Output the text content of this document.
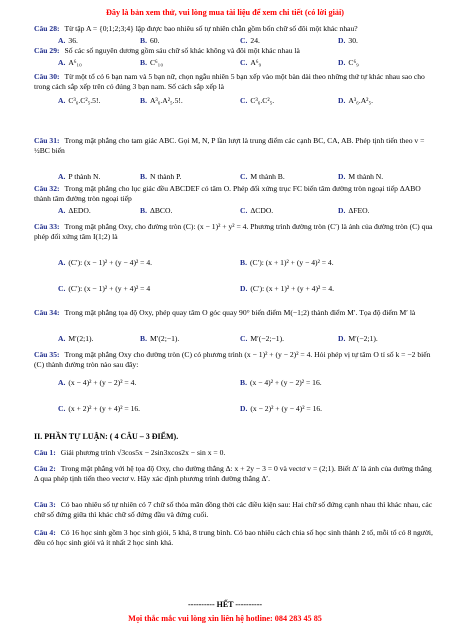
Đây là bản xem thử, vui lòng mua tài liệu để xem chi tiết (có lời giải)
Câu 28: Từ tập A = {0;1;2;3;4} lập được bao nhiêu số tự nhiên chẵn gồm bốn chữ số đôi một khác nhau?
A. 36.	B. 60.	C. 24.	D. 30.
Câu 29: Số các số nguyên dương gồm sáu chữ số khác không và đôi một khác nhau là
A. A⁶₁₀	B. C⁶₁₀	C. A⁶₉	D. C⁶₉
Câu 30: Từ một tổ có 6 bạn nam và 5 bạn nữ, chọn ngẫu nhiên 5 bạn xếp vào một bàn dài theo những thứ tự khác nhau sao cho trong cách sắp xếp trên có đúng 3 bạn nam. Số cách sắp xếp là
A. C³₆.C²₅.5!.	B. A³₆.A²₅.5!.	C. C³₆.C²₅.	D. A³₆.A²₅.
Câu 31: Trong mặt phẳng cho tam giác ABC. Gọi M, N, P lần lượt là trung điểm các cạnh BC, CA, AB. Phép tịnh tiến theo v = ½BC biến
A. P thành N.	B. N thành P.	C. M thành B.	D. M thành N.
Câu 32: Trong mặt phẳng cho lục giác đều ABCDEF có tâm O. Phép đối xứng trục FC biến tâm đường tròn ngoại tiếp ΔABO thành tâm đường tròn ngoại tiếp
A. ΔEDO.	B. ΔBCO.	C. ΔCDO.	D. ΔFEO.
Câu 33: Trong mặt phẳng Oxy, cho đường tròn (C): (x − 1)² + y² = 4. Phương trình đường tròn (C′) là ảnh của đường tròn (C) qua phép đối xứng tâm I(1;2) là
A. (C′): (x − 1)² + (y − 4)² = 4.	B. (C′): (x + 1)² + (y − 4)² = 4.
C. (C′): (x − 1)² + (y + 4)² = 4	D. (C′): (x + 1)² + (y + 4)² = 4.
Câu 34: Trong mặt phẳng tọa độ Oxy, phép quay tâm O góc quay 90° biến điểm M(−1;2) thành điểm M′. Tọa độ điểm M′ là
A. M′(2;1).	B. M′(2;−1).	C. M′(−2;−1).	D. M′(−2;1).
Câu 35: Trong mặt phẳng Oxy cho đường tròn (C) có phương trình (x − 1)² + (y − 2)² = 4. Hỏi phép vị tự tâm O tỉ số k = −2 biến (C) thành đường tròn nào sau đây:
A. (x − 4)² + (y − 2)² = 4.	B. (x − 4)² + (y − 2)² = 16.
C. (x + 2)² + (y + 4)² = 16.	D. (x − 2)² + (y − 4)² = 16.
II. PHẦN TỰ LUẬN: ( 4 CÂU – 3 ĐIỂM).
Câu 1: Giải phương trình √3cos5x − 2sin3xcos2x − sin x = 0.
Câu 2: Trong mặt phẳng với hệ tọa độ Oxy, cho đường thẳng Δ: x + 2y − 3 = 0 và vectơ v = (2;1). Biết Δ′ là ảnh của đường thẳng Δ qua phép tịnh tiến theo vectơ v. Hãy xác định phương trình đường thẳng Δ′.
Câu 3: Có bao nhiêu số tự nhiên có 7 chữ số thỏa mãn đồng thời các điều kiện sau: Hai chữ số đứng cạnh nhau thì khác nhau, các chữ số đứng giữa thì khác chữ số đứng đầu và đứng cuối.
Câu 4: Có 16 học sinh gồm 3 học sinh giỏi, 5 khá, 8 trung bình. Có bao nhiêu cách chia số học sinh thành 2 tổ, mỗi tổ có 8 người, đều có học sinh giỏi và ít nhất 2 học sinh khá.
---------- HẾT ----------
Mọi thắc mắc vui lòng xin liên hệ hotline: 084 283 45 85
